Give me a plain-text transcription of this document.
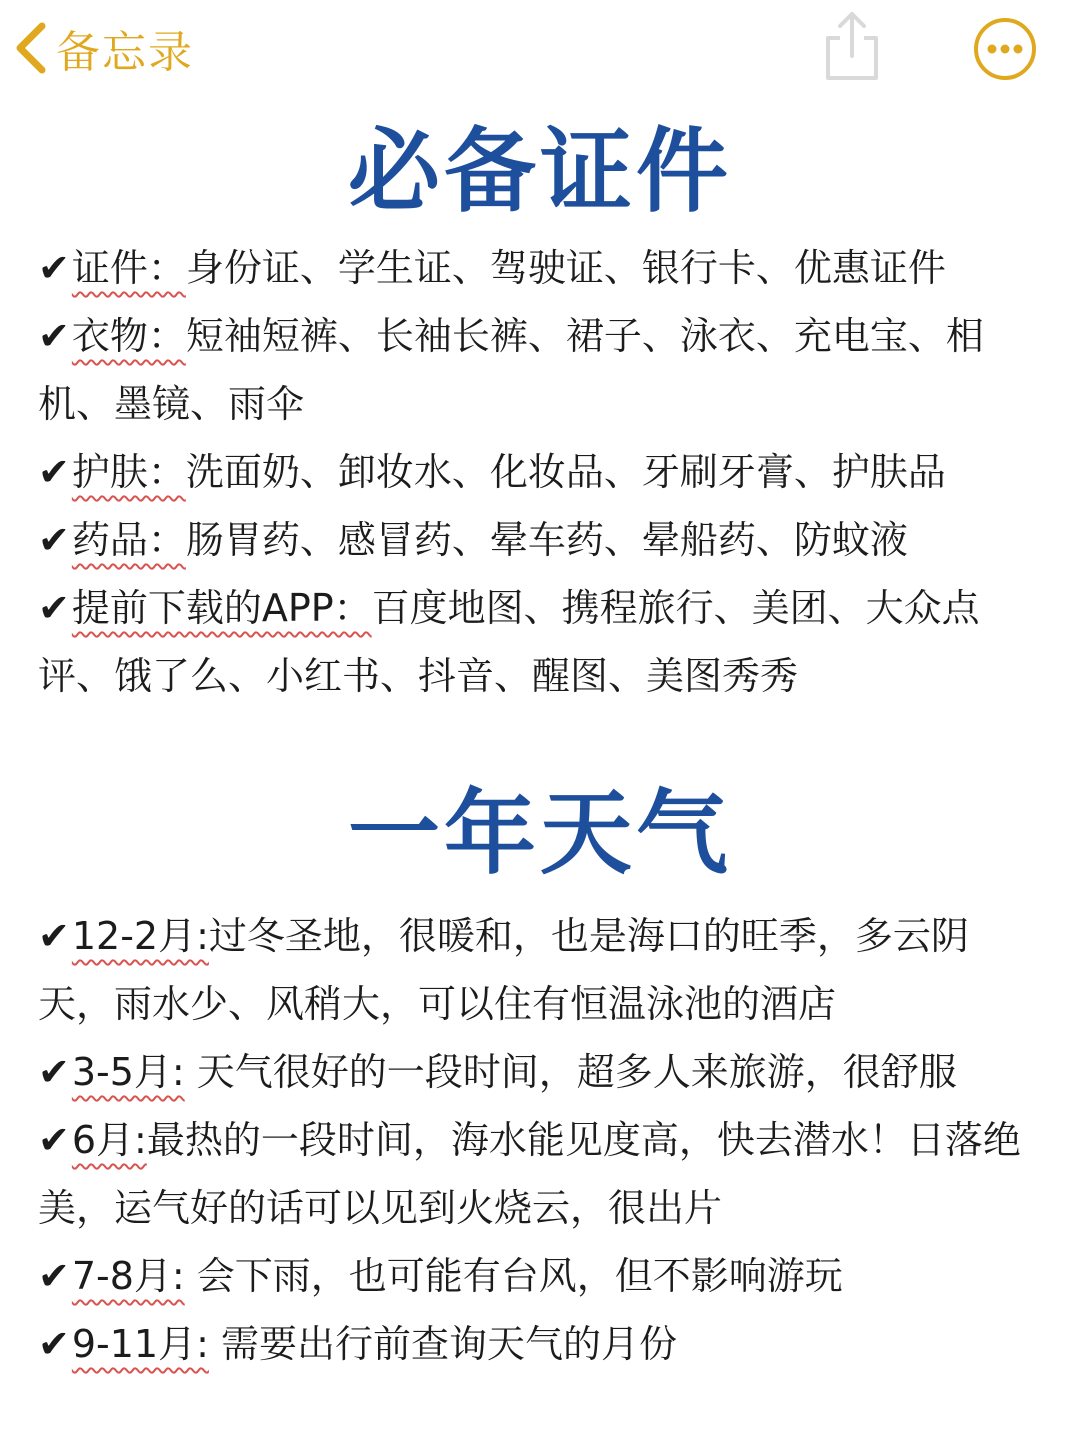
备忘录
必备证件

✔证件：身份证、学生证、驾驶证、银行卡、优惠证件

✔衣物：短袖短裤、长袖长裤、裙子、泳衣、充电宝、相机、墨镜、雨伞

✔护肤：洗面奶、卸妆水、化妆品、牙刷牙膏、护肤品

✔药品：肠胃药、感冒药、晕车药、晕船药、防蚊液

✔提前下载的APP：百度地图、携程旅行、美团、大众点评、饿了么、小红书、抖音、醒图、美图秀秀

一年天气

✔12-2月:过冬圣地，很暖和，也是海口的旺季，多云阴天，雨水少、风稍大，可以住有恒温泳池的酒店

✔3-5月: 天气很好的一段时间，超多人来旅游，很舒服

✔6月:最热的一段时间，海水能见度高，快去潜水！日落绝美，运气好的话可以见到火烧云，很出片

✔7-8月: 会下雨，也可能有台风，但不影响游玩

✔9-11月: 需要出行前查询天气的月份
